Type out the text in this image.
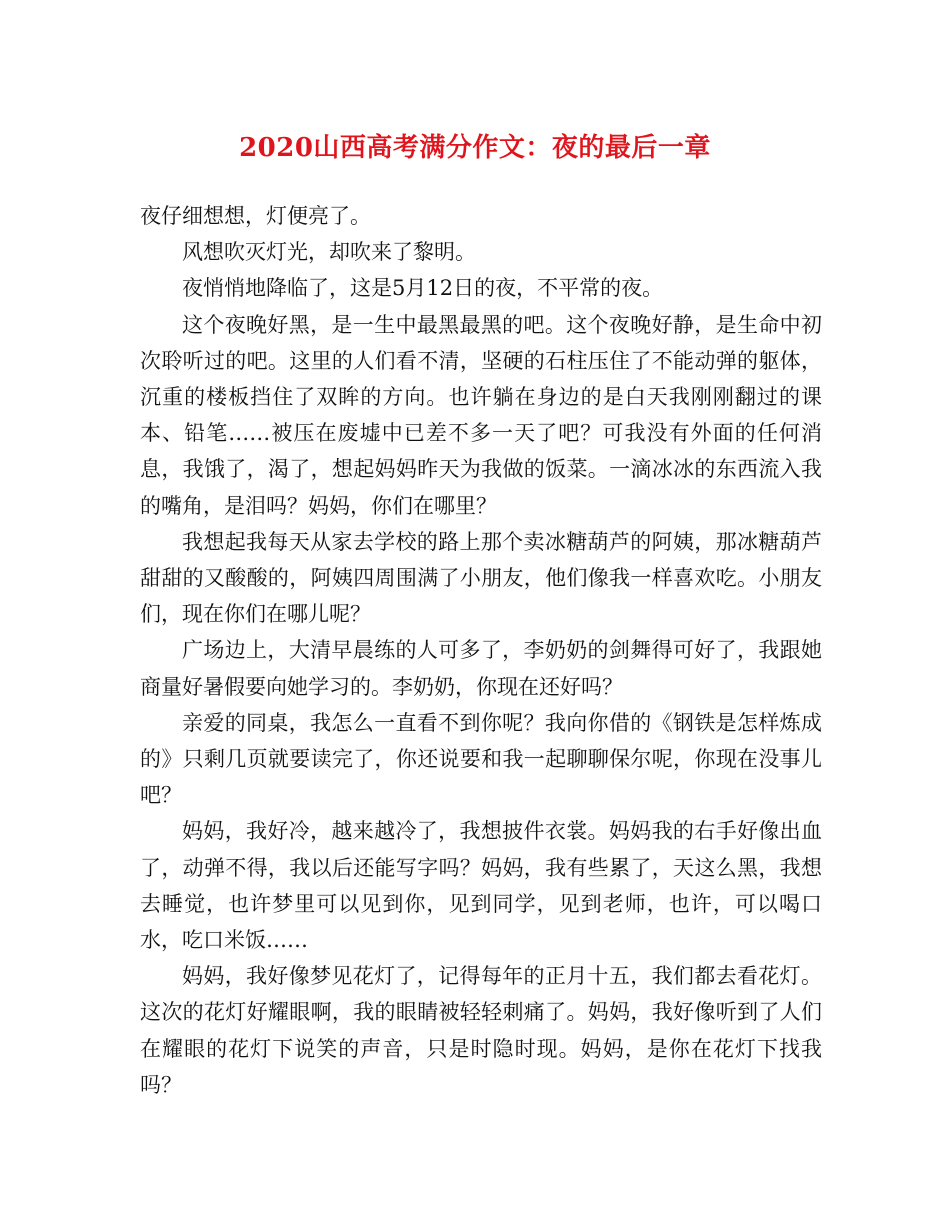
2020山西高考满分作文：夜的最后一章

夜仔细想想，灯便亮了。

风想吹灭灯光，却吹来了黎明。

夜悄悄地降临了，这是5月12日的夜，不平常的夜。

这个夜晚好黑，是一生中最黑最黑的吧。这个夜晚好静，是生命中初次聆听过的吧。这里的人们看不清，坚硬的石柱压住了不能动弹的躯体，沉重的楼板挡住了双眸的方向。也许躺在身边的是白天我刚刚翻过的课本、铅笔……被压在废墟中已差不多一天了吧？可我没有外面的任何消息，我饿了，渴了，想起妈妈昨天为我做的饭菜。一滴冰冰的东西流入我的嘴角，是泪吗？妈妈，你们在哪里？

我想起我每天从家去学校的路上那个卖冰糖葫芦的阿姨，那冰糖葫芦甜甜的又酸酸的，阿姨四周围满了小朋友，他们像我一样喜欢吃。小朋友们，现在你们在哪儿呢？

广场边上，大清早晨练的人可多了，李奶奶的剑舞得可好了，我跟她商量好暑假要向她学习的。李奶奶，你现在还好吗？

亲爱的同桌，我怎么一直看不到你呢？我向你借的《钢铁是怎样炼成的》只剩几页就要读完了，你还说要和我一起聊聊保尔呢，你现在没事儿吧？

妈妈，我好冷，越来越冷了，我想披件衣裳。妈妈我的右手好像出血了，动弹不得，我以后还能写字吗？妈妈，我有些累了，天这么黑，我想去睡觉，也许梦里可以见到你，见到同学，见到老师，也许，可以喝口水，吃口米饭……

妈妈，我好像梦见花灯了，记得每年的正月十五，我们都去看花灯。这次的花灯好耀眼啊，我的眼睛被轻轻刺痛了。妈妈，我好像听到了人们在耀眼的花灯下说笑的声音，只是时隐时现。妈妈，是你在花灯下找我吗？
